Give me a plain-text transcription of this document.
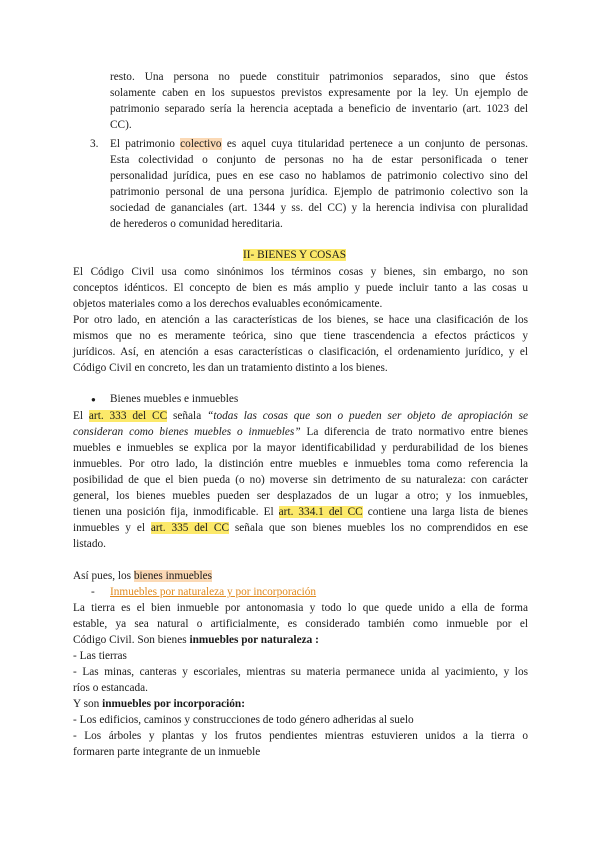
resto. Una persona no puede constituir patrimonios separados, sino que éstos
solamente caben en los supuestos previstos expresamente por la ley. Un ejemplo de
patrimonio separado sería la herencia aceptada a beneficio de inventario (art. 1023 del
CC).
3. El patrimonio colectivo es aquel cuya titularidad pertenece a un conjunto de personas.
Esta colectividad o conjunto de personas no ha de estar personificada o tener
personalidad jurídica, pues en ese caso no hablamos de patrimonio colectivo sino del
patrimonio personal de una persona jurídica. Ejemplo de patrimonio colectivo son la
sociedad de gananciales (art. 1344 y ss. del CC) y la herencia indivisa con pluralidad
de herederos o comunidad hereditaria.
II- BIENES Y COSAS
El Código Civil usa como sinónimos los términos cosas y bienes, sin embargo, no son
conceptos idénticos. El concepto de bien es más amplio y puede incluir tanto a las cosas u
objetos materiales como a los derechos evaluables económicamente.
Por otro lado, en atención a las características de los bienes, se hace una clasificación de los
mismos que no es meramente teórica, sino que tiene trascendencia a efectos prácticos y
jurídicos. Así, en atención a esas características o clasificación, el ordenamiento jurídico, y el
Código Civil en concreto, les dan un tratamiento distinto a los bienes.
● Bienes muebles e inmuebles
El art. 333 del CC señala “todas las cosas que son o pueden ser objeto de apropiación se
consideran como bienes muebles o inmuebles” La diferencia de trato normativo entre bienes
muebles e inmuebles se explica por la mayor identificabilidad y perdurabilidad de los bienes
inmuebles. Por otro lado, la distinción entre muebles e inmuebles toma como referencia la
posibilidad de que el bien pueda (o no) moverse sin detrimento de su naturaleza: con carácter
general, los bienes muebles pueden ser desplazados de un lugar a otro; y los inmuebles,
tienen una posición fija, inmodificable. El art. 334.1 del CC contiene una larga lista de bienes
inmuebles y el art. 335 del CC señala que son bienes muebles los no comprendidos en ese
listado.
Así pues, los bienes inmuebles
- Inmuebles por naturaleza y por incorporación
La tierra es el bien inmueble por antonomasia y todo lo que quede unido a ella de forma
estable, ya sea natural o artificialmente, es considerado también como inmueble por el
Código Civil. Son bienes inmuebles por naturaleza :
- Las tierras
- Las minas, canteras y escoriales, mientras su materia permanece unida al yacimiento, y los
ríos o estancada.
Y son inmuebles por incorporación:
- Los edificios, caminos y construcciones de todo género adheridas al suelo
- Los árboles y plantas y los frutos pendientes mientras estuvieren unidos a la tierra o
formaren parte integrante de un inmueble
